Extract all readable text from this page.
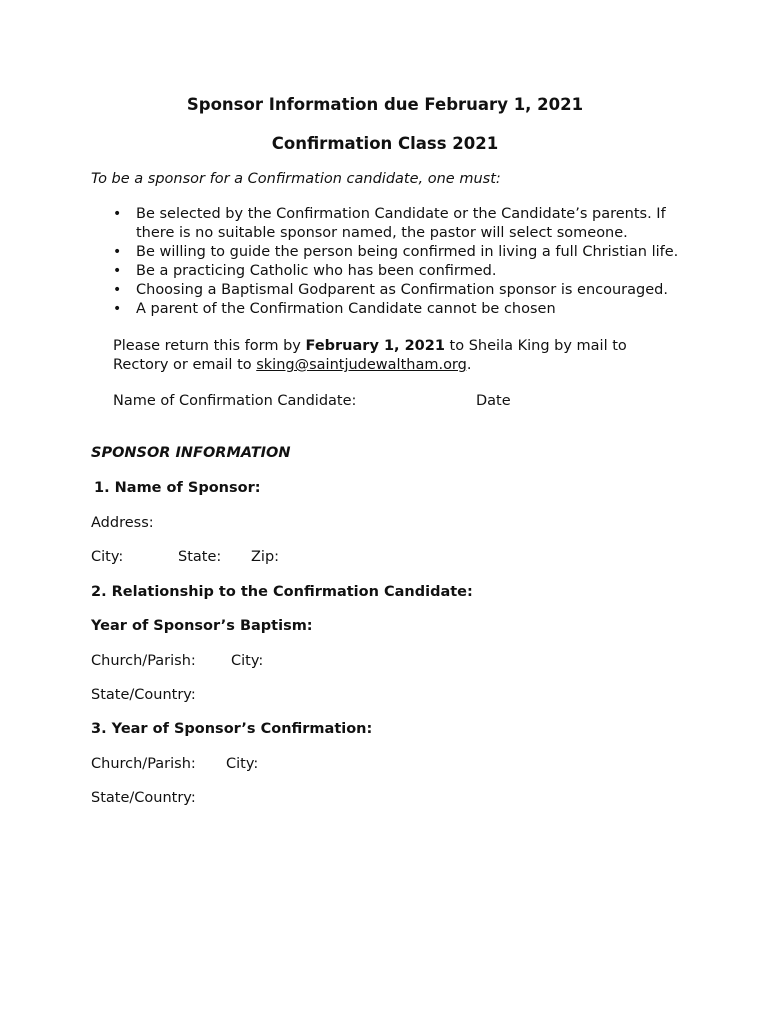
Sponsor Information due February 1, 2021
Confirmation Class 2021
To be a sponsor for a Confirmation candidate, one must:
• Be selected by the Confirmation Candidate or the Candidate’s parents. If there is no suitable sponsor named, the pastor will select someone.
• Be willing to guide the person being confirmed in living a full Christian life.
• Be a practicing Catholic who has been confirmed.
• Choosing a Baptismal Godparent as Confirmation sponsor is encouraged.
• A parent of the Confirmation Candidate cannot be chosen
Please return this form by February 1, 2021 to Sheila King by mail to Rectory or email to sking@saintjudewaltham.org.
Name of Confirmation Candidate:	Date
SPONSOR INFORMATION
1. Name of Sponsor:
Address:
City:	State: Zip:
2. Relationship to the Confirmation Candidate:
Year of Sponsor’s Baptism:
Church/Parish: City:
State/Country:
3. Year of Sponsor’s Confirmation:
Church/Parish: City:
State/Country:
